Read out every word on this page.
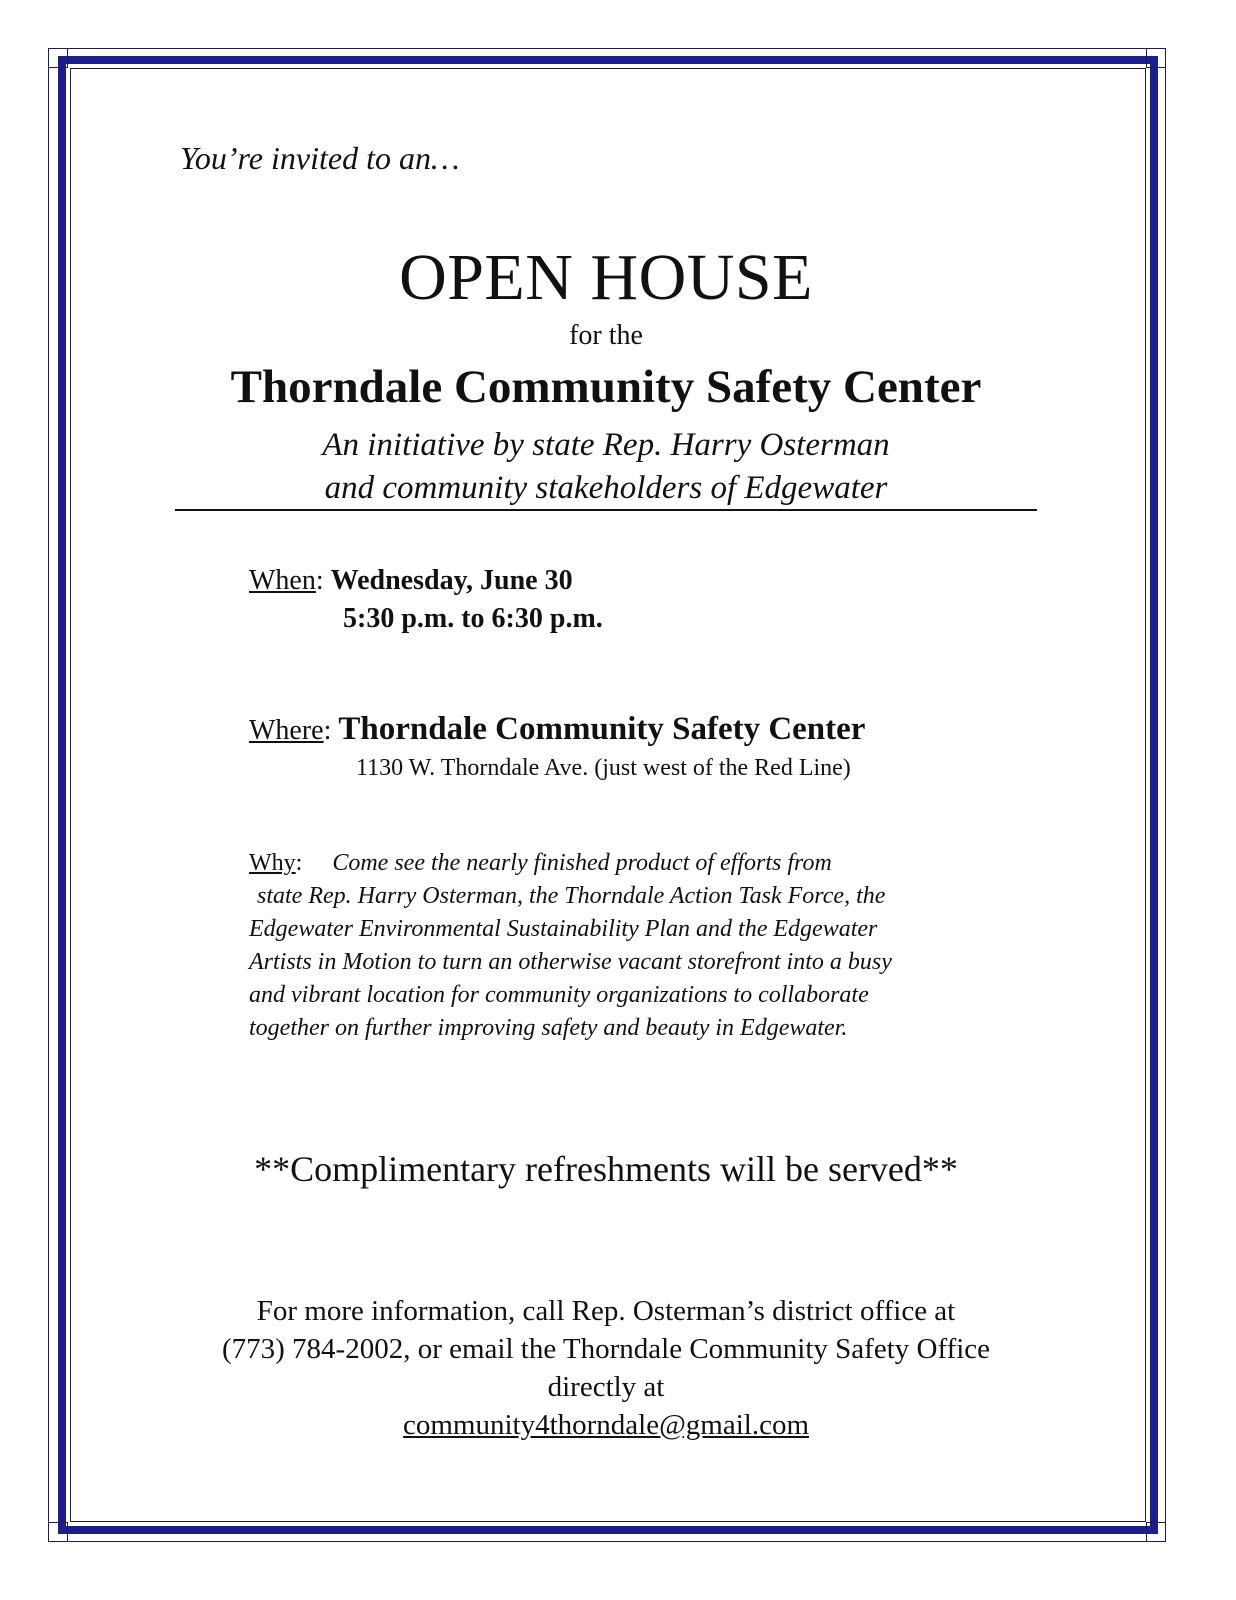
You’re invited to an…

OPEN HOUSE

for the

Thorndale Community Safety Center
An initiative by state Rep. Harry Osterman
and community stakeholders of Edgewater

When: Wednesday, June 30

5:30 p.m. to 6:30 p.m.

Where: Thorndale Community Safety Center

1130 W. Thorndale Ave. (just west of the Red Line)

Why: Come see the nearly finished product of efforts from
state Rep. Harry Osterman, the Thorndale Action Task Force, the
Edgewater Environmental Sustainability Plan and the Edgewater
Artists in Motion to turn an otherwise vacant storefront into a busy
and vibrant location for community organizations to collaborate
together on further improving safety and beauty in Edgewater.

**Complimentary refreshments will be served**

For more information, call Rep. Osterman’s district office at
(773) 784-2002, or email the Thorndale Community Safety Office
directly at
community4thorndale@gmail.com
